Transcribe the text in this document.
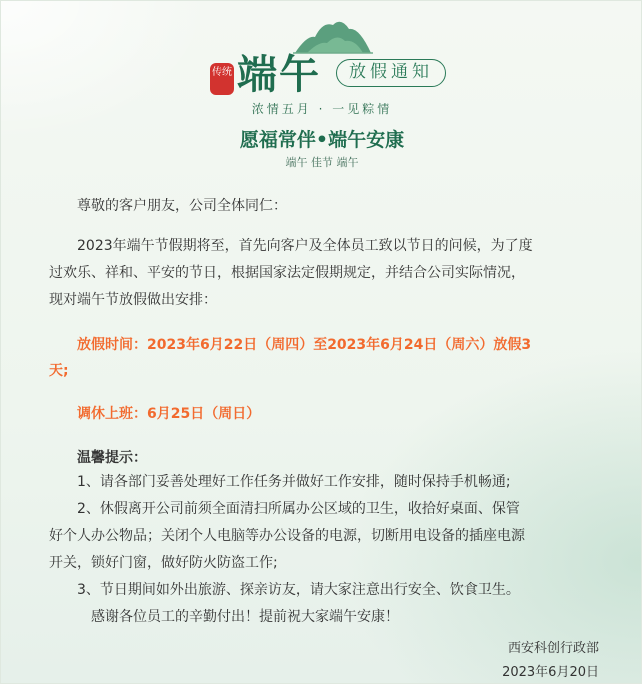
传统 端午	放假通知
浓情五月 · 一见粽情
愿福常伴•端午安康
端午 佳节 端午
尊敬的客户朋友，公司全体同仁：
2023年端午节假期将至，首先向客户及全体员工致以节日的问候，为了度
过欢乐、祥和、平安的节日，根据国家法定假期规定，并结合公司实际情况，
现对端午节放假做出安排：
放假时间：2023年6月22日（周四）至2023年6月24日（周六）放假3
天;
调休上班：6月25日（周日）
温馨提示：
1、请各部门妥善处理好工作任务并做好工作安排，随时保持手机畅通;
2、休假离开公司前须全面清扫所属办公区域的卫生，收拾好桌面、保管
好个人办公物品；关闭个人电脑等办公设备的电源，切断用电设备的插座电源
开关，锁好门窗，做好防火防盗工作;
3、节日期间如外出旅游、探亲访友，请大家注意出行安全、饮食卫生。
感谢各位员工的辛勤付出！提前祝大家端午安康！
西安科创行政部
2023年6月20日
